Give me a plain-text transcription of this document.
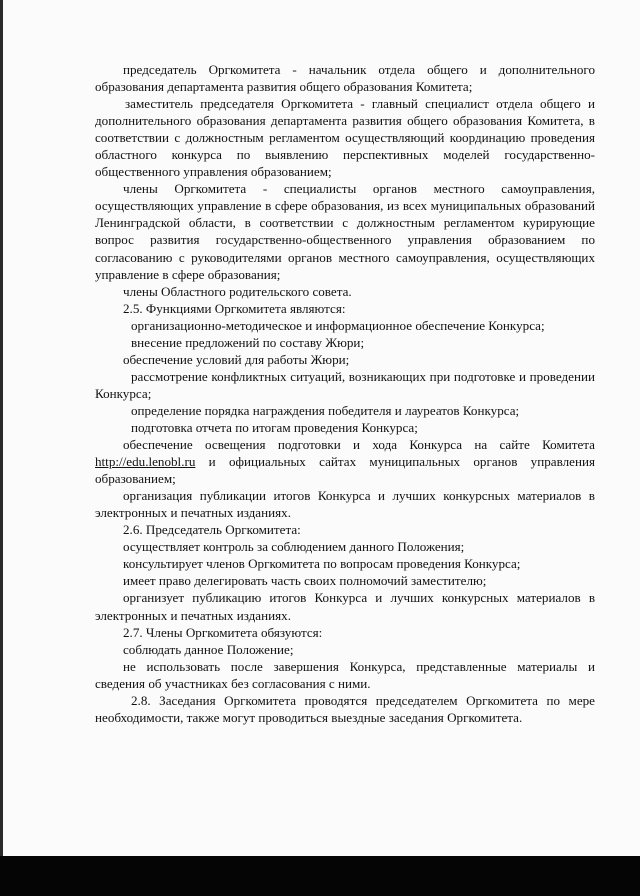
председатель Оргкомитета - начальник отдела общего и дополнительного образования департамента развития общего образования Комитета;

заместитель председателя Оргкомитета - главный специалист отдела общего и дополнительного образования департамента развития общего образования Комитета, в соответствии с должностным регламентом осуществляющий координацию проведения областного конкурса по выявлению перспективных моделей государственно-общественного управления образованием;

члены Оргкомитета - специалисты органов местного самоуправления, осуществляющих управление в сфере образования, из всех муниципальных образований Ленинградской области, в соответствии с должностным регламентом курирующие вопрос развития государственно-общественного управления образованием по согласованию с руководителями органов местного самоуправления, осуществляющих управление в сфере образования;

члены Областного родительского совета.

2.5. Функциями Оргкомитета являются:

организационно-методическое и информационное обеспечение Конкурса;

внесение предложений по составу Жюри;

обеспечение условий для работы Жюри;

рассмотрение конфликтных ситуаций, возникающих при подготовке и проведении Конкурса;

определение порядка награждения победителя и лауреатов Конкурса;

подготовка отчета по итогам проведения Конкурса;

обеспечение освещения подготовки и хода Конкурса на сайте Комитета http://edu.lenobl.ru и официальных сайтах муниципальных органов управления образованием;

организация публикации итогов Конкурса и лучших конкурсных материалов в электронных и печатных изданиях.

2.6. Председатель Оргкомитета:

осуществляет контроль за соблюдением данного Положения;

консультирует членов Оргкомитета по вопросам проведения Конкурса;

имеет право делегировать часть своих полномочий заместителю;

организует публикацию итогов Конкурса и лучших конкурсных материалов в электронных и печатных изданиях.

2.7. Члены Оргкомитета обязуются:

соблюдать данное Положение;

не использовать после завершения Конкурса, представленные материалы и сведения об участниках без согласования с ними.

2.8. Заседания Оргкомитета проводятся председателем Оргкомитета по мере необходимости, также могут проводиться выездные заседания Оргкомитета.
